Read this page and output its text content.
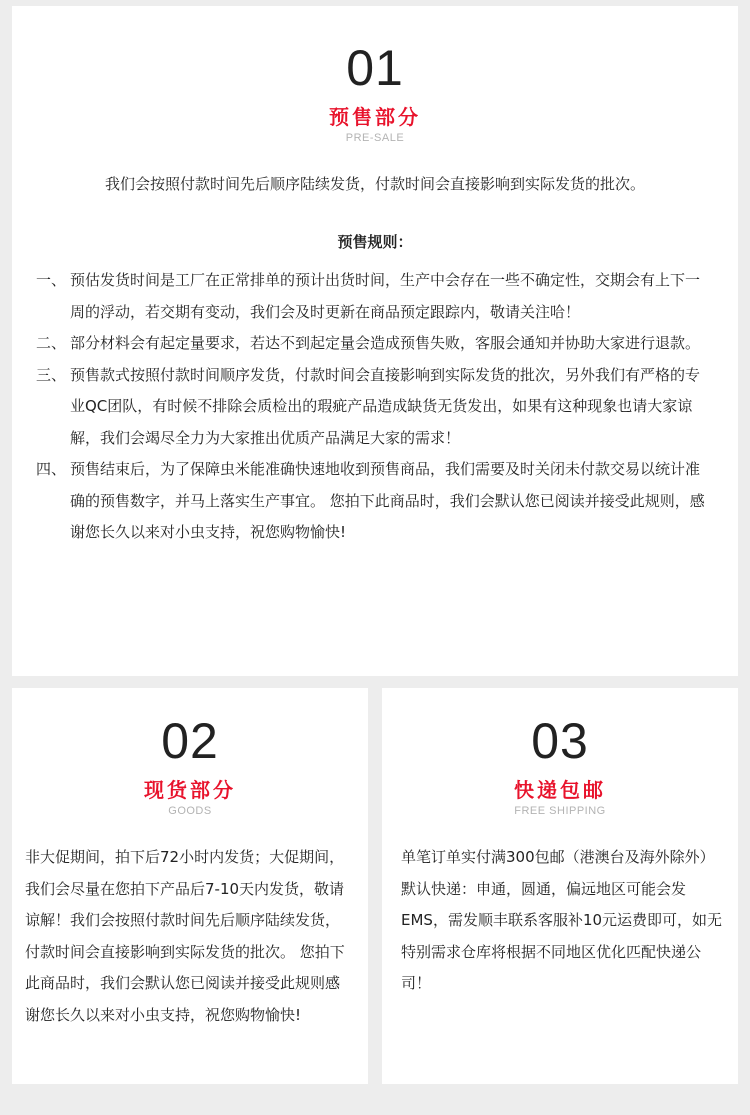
01
预售部分
PRE-SALE
我们会按照付款时间先后顺序陆续发货，付款时间会直接影响到实际发货的批次。
预售规则：
一、 预估发货时间是工厂在正常排单的预计出货时间，生产中会存在一些不确定性，交期会有上下一周的浮动，若交期有变动，我们会及时更新在商品预定跟踪内，敬请关注哈！
二、 部分材料会有起定量要求，若达不到起定量会造成预售失败，客服会通知并协助大家进行退款。
三、 预售款式按照付款时间顺序发货，付款时间会直接影响到实际发货的批次，另外我们有严格的专业QC团队，有时候不排除会质检出的瑕疵产品造成缺货无货发出，如果有这种现象也请大家谅解，我们会竭尽全力为大家推出优质产品满足大家的需求！
四、 预售结束后，为了保障虫米能准确快速地收到预售商品，我们需要及时关闭未付款交易以统计准确的预售数字，并马上落实生产事宜。 您拍下此商品时，我们会默认您已阅读并接受此规则，感谢您长久以来对小虫支持，祝您购物愉快!
02
现货部分
GOODS
非大促期间，拍下后72小时内发货；大促期间，我们会尽量在您拍下产品后7-10天内发货，敬请谅解！我们会按照付款时间先后顺序陆续发货，付款时间会直接影响到实际发货的批次。 您拍下此商品时，我们会默认您已阅读并接受此规则感谢您长久以来对小虫支持，祝您购物愉快!
03
快递包邮
FREE SHIPPING
单笔订单实付满300包邮（港澳台及海外除外）默认快递：申通，圆通，偏远地区可能会发EMS，需发顺丰联系客服补10元运费即可，如无特别需求仓库将根据不同地区优化匹配快递公司！
